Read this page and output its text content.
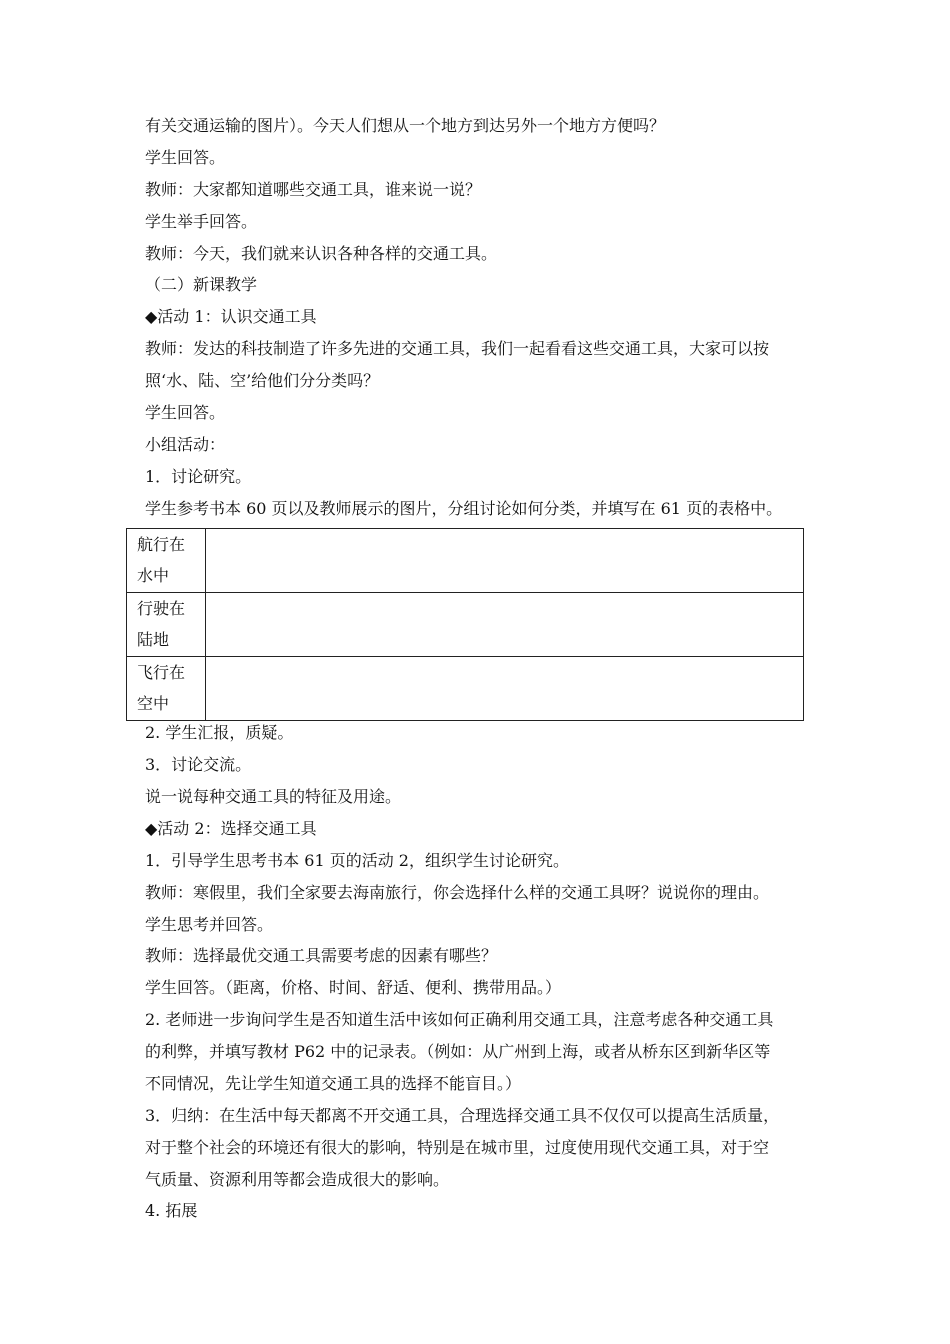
有关交通运输的图片）。今天人们想从一个地方到达另外一个地方方便吗？
学生回答。
教师：大家都知道哪些交通工具，谁来说一说？
学生举手回答。
教师：今天，我们就来认识各种各样的交通工具。
（二）新课教学
◆活动 1：认识交通工具
教师：发达的科技制造了许多先进的交通工具，我们一起看看这些交通工具，大家可以按
照‘水、陆、空’给他们分分类吗？
学生回答。
小组活动：
1．讨论研究。
学生参考书本 60 页以及教师展示的图片，分组讨论如何分类，并填写在 61 页的表格中。
航行在
水中	
行驶在
陆地	
飞行在
空中	
2. 学生汇报，质疑。
3．讨论交流。
说一说每种交通工具的特征及用途。
◆活动 2：选择交通工具
1．引导学生思考书本 61 页的活动 2，组织学生讨论研究。
教师：寒假里，我们全家要去海南旅行，你会选择什么样的交通工具呀？说说你的理由。
学生思考并回答。
教师：选择最优交通工具需要考虑的因素有哪些？
学生回答。（距离，价格、时间、舒适、便利、携带用品。）
2. 老师进一步询问学生是否知道生活中该如何正确利用交通工具，注意考虑各种交通工具
的利弊，并填写教材 P62 中的记录表。（例如：从广州到上海，或者从桥东区到新华区等
不同情况，先让学生知道交通工具的选择不能盲目。）
3．归纳：在生活中每天都离不开交通工具，合理选择交通工具不仅仅可以提高生活质量，
对于整个社会的环境还有很大的影响，特别是在城市里，过度使用现代交通工具，对于空
气质量、资源利用等都会造成很大的影响。
4. 拓展
